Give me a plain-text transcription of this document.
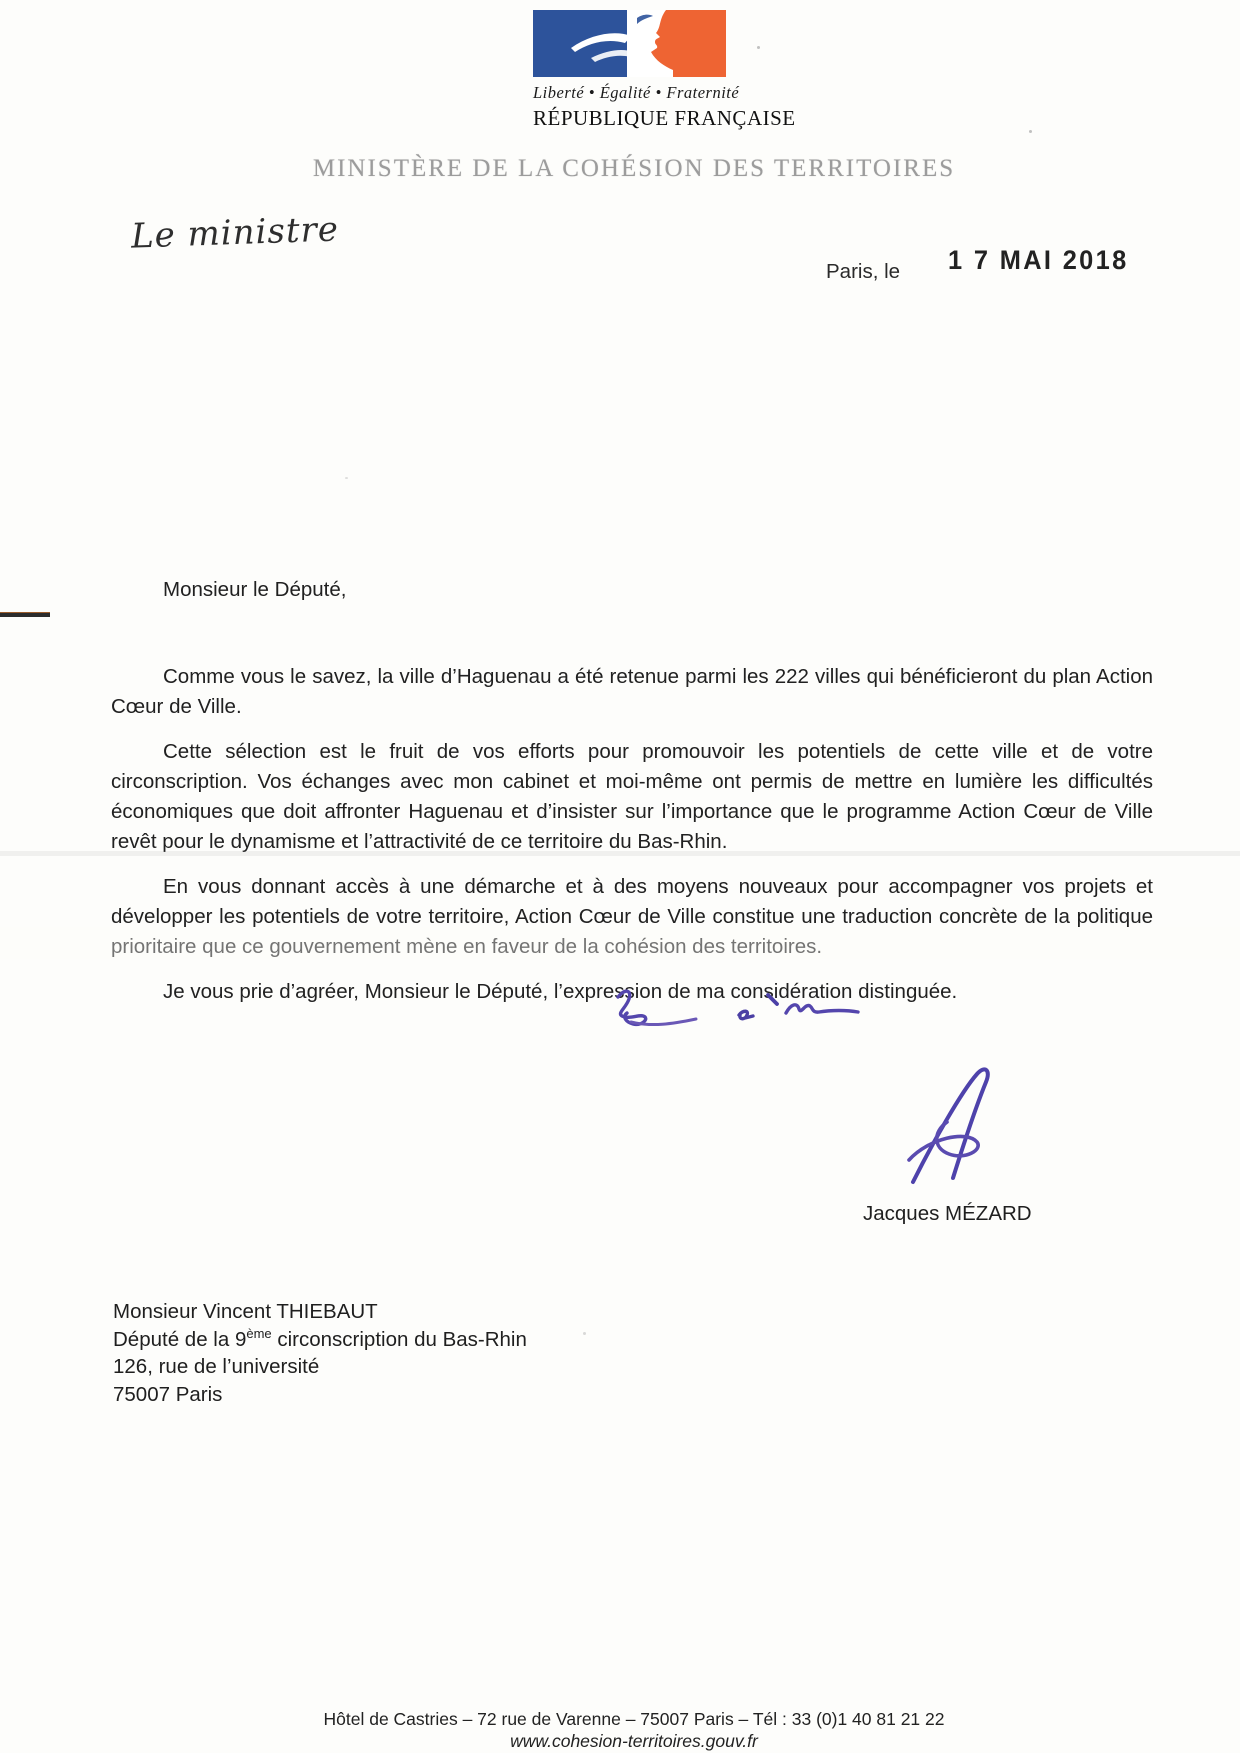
Liberté • Égalité • Fraternité
RÉPUBLIQUE FRANÇAISE
MINISTÈRE DE LA COHÉSION DES TERRITOIRES
Le ministre
Paris, le 1 7 MAI 2018

Monsieur le Député,

Comme vous le savez, la ville d’Haguenau a été retenue parmi les 222 villes qui bénéficieront du plan Action Cœur de Ville.

Cette sélection est le fruit de vos efforts pour promouvoir les potentiels de cette ville et de votre circonscription. Vos échanges avec mon cabinet et moi-même ont permis de mettre en lumière les difficultés économiques que doit affronter Haguenau et d’insister sur l’importance que le programme Action Cœur de Ville revêt pour le dynamisme et l’attractivité de ce territoire du Bas-Rhin.

En vous donnant accès à une démarche et à des moyens nouveaux pour accompagner vos projets et développer les potentiels de votre territoire, Action Cœur de Ville constitue une traduction concrète de la politique prioritaire que ce gouvernement mène en faveur de la cohésion des territoires.

Je vous prie d’agréer, Monsieur le Député, l’expression de ma considération distinguée.

Jacques MÉZARD
Monsieur Vincent THIEBAUT
Député de la 9ème circonscription du Bas-Rhin
126, rue de l’université
75007 Paris
Hôtel de Castries – 72 rue de Varenne – 75007 Paris – Tél : 33 (0)1 40 81 21 22
www.cohesion-territoires.gouv.fr
